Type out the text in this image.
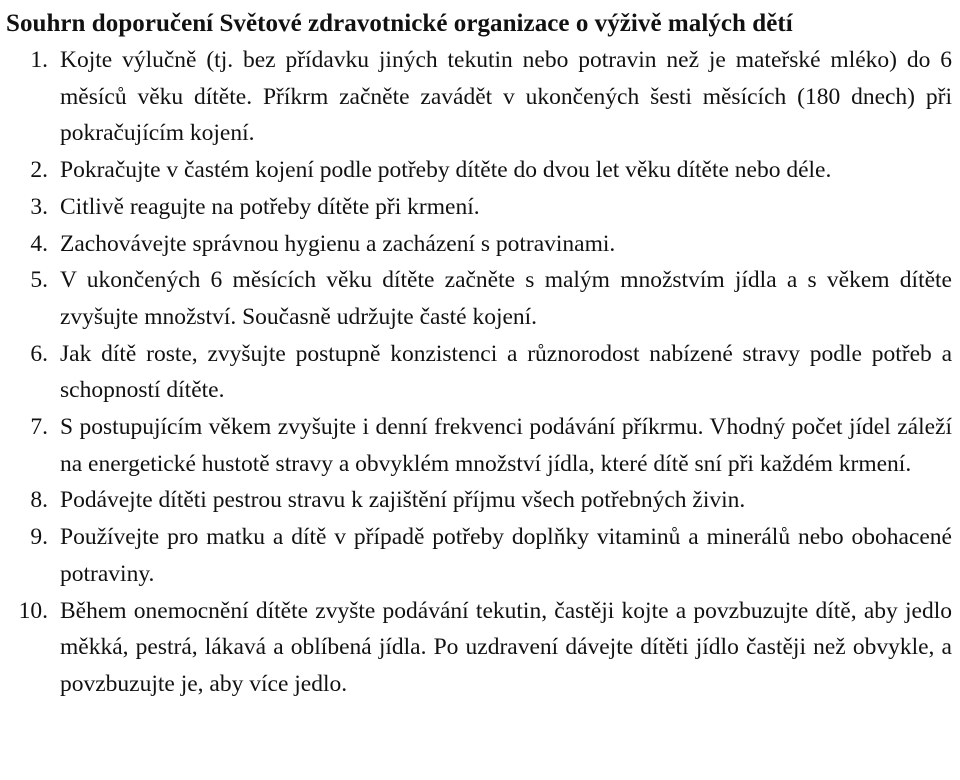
Souhrn doporučení Světové zdravotnické organizace o výživě malých dětí
1. Kojte výlučně (tj. bez přídavku jiných tekutin nebo potravin než je mateřské mléko) do 6 měsíců věku dítěte. Příkrm začněte zavádět v ukončených šesti měsících (180 dnech) při pokračujícím kojení.
2. Pokračujte v častém kojení podle potřeby dítěte do dvou let věku dítěte nebo déle.
3. Citlivě reagujte na potřeby dítěte při krmení.
4. Zachovávejte správnou hygienu a zacházení s potravinami.
5. V ukončených 6 měsících věku dítěte začněte s malým množstvím jídla a s věkem dítěte zvyšujte množství. Současně udržujte časté kojení.
6. Jak dítě roste, zvyšujte postupně konzistenci a různorodost nabízené stravy podle potřeb a schopností dítěte.
7. S postupujícím věkem zvyšujte i denní frekvenci podávání příkrmu. Vhodný počet jídel záleží na energetické hustotě stravy a obvyklém množství jídla, které dítě sní při každém krmení.
8. Podávejte dítěti pestrou stravu k zajištění příjmu všech potřebných živin.
9. Používejte pro matku a dítě v případě potřeby doplňky vitaminů a minerálů nebo obohacené potraviny.
10. Během onemocnění dítěte zvyšte podávání tekutin, častěji kojte a povzbuzujte dítě, aby jedlo měkká, pestrá, lákavá a oblíbená jídla. Po uzdravení dávejte dítěti jídlo častěji než obvykle, a povzbuzujte je, aby více jedlo.
